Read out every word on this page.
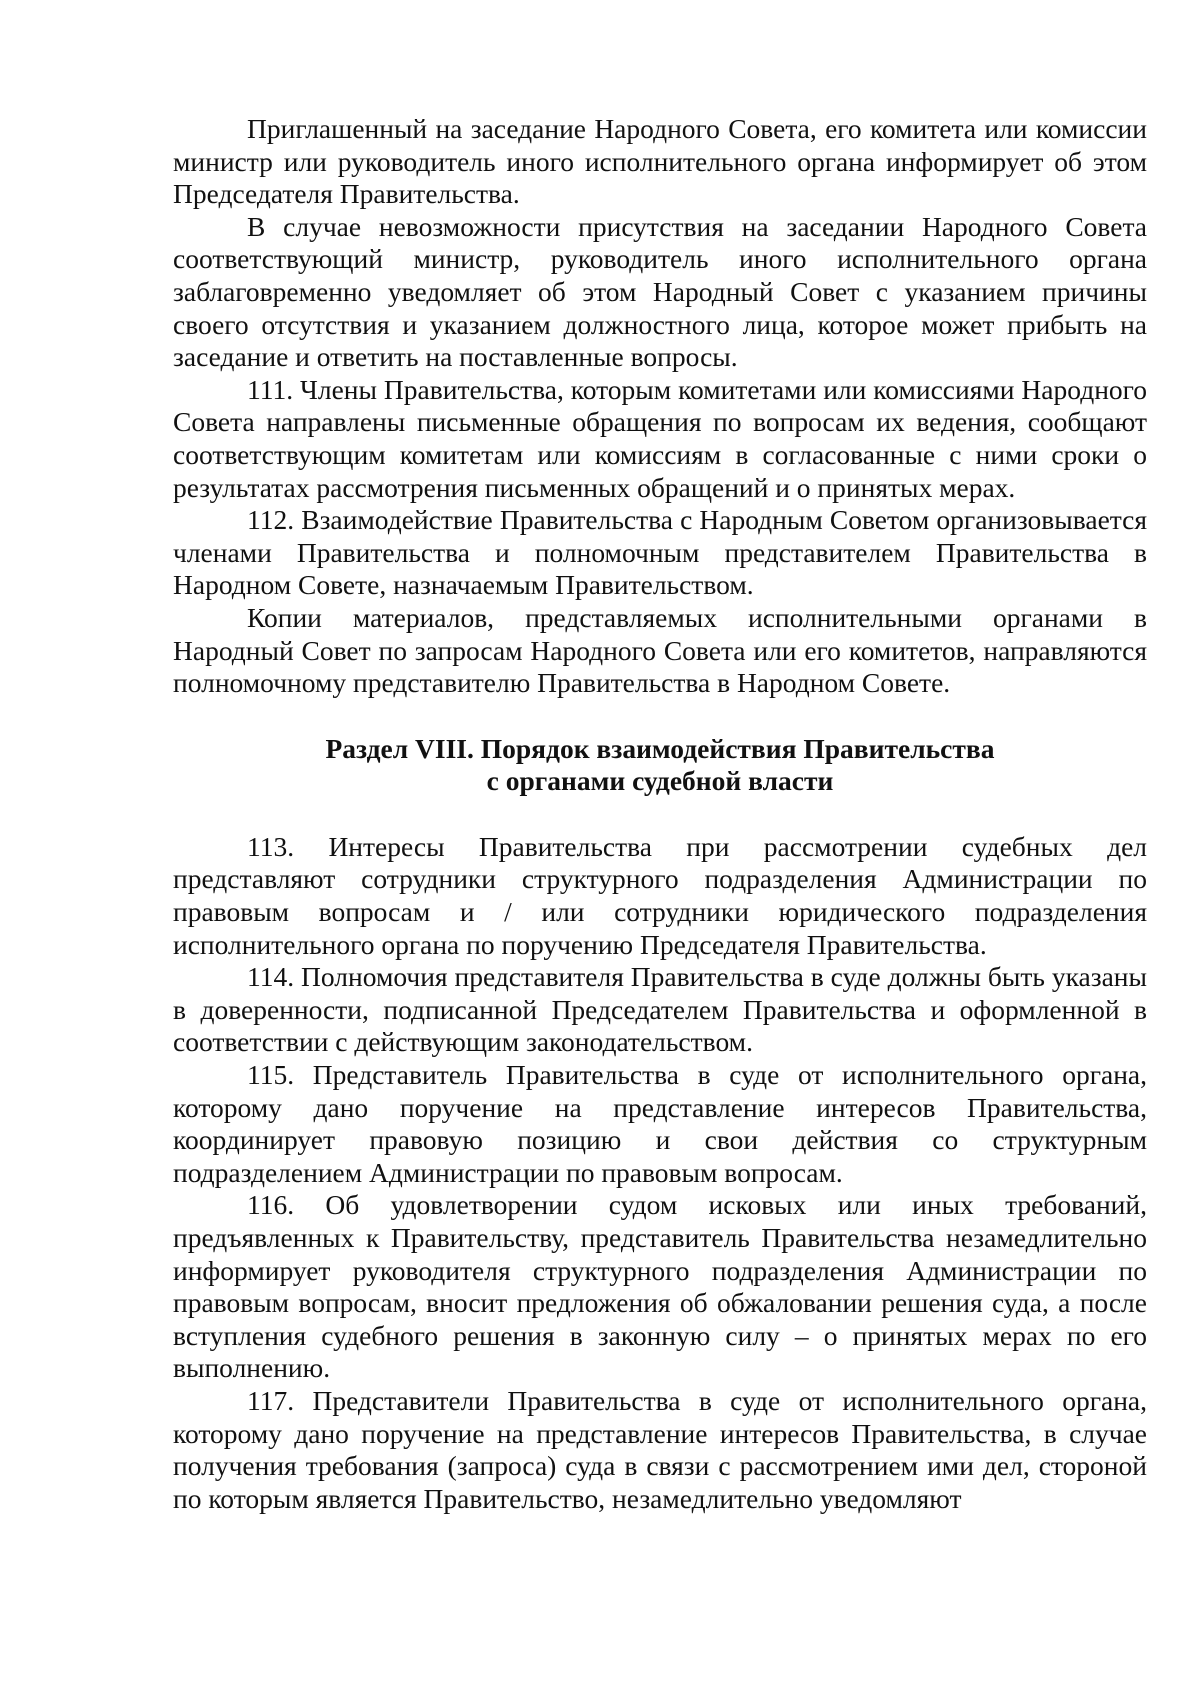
Приглашенный на заседание Народного Совета, его комитета или комиссии министр или руководитель иного исполнительного органа информирует об этом Председателя Правительства.

В случае невозможности присутствия на заседании Народного Совета соответствующий министр, руководитель иного исполнительного органа заблаговременно уведомляет об этом Народный Совет с указанием причины своего отсутствия и указанием должностного лица, которое может прибыть на заседание и ответить на поставленные вопросы.

111. Члены Правительства, которым комитетами или комиссиями Народного Совета направлены письменные обращения по вопросам их ведения, сообщают соответствующим комитетам или комиссиям в согласованные с ними сроки о результатах рассмотрения письменных обращений и о принятых мерах.

112. Взаимодействие Правительства с Народным Советом организовывается членами Правительства и полномочным представителем Правительства в Народном Совете, назначаемым Правительством.

Копии материалов, представляемых исполнительными органами в Народный Совет по запросам Народного Совета или его комитетов, направляются полномочному представителю Правительства в Народном Совете.

Раздел VIII. Порядок взаимодействия Правительства

с органами судебной власти

113. Интересы Правительства при рассмотрении судебных дел представляют сотрудники структурного подразделения Администрации по правовым вопросам и / или сотрудники юридического подразделения исполнительного органа по поручению Председателя Правительства.

114. Полномочия представителя Правительства в суде должны быть указаны в доверенности, подписанной Председателем Правительства и оформленной в соответствии с действующим законодательством.

115. Представитель Правительства в суде от исполнительного органа, которому дано поручение на представление интересов Правительства, координирует правовую позицию и свои действия со структурным подразделением Администрации по правовым вопросам.

116. Об удовлетворении судом исковых или иных требований, предъявленных к Правительству, представитель Правительства незамедлительно информирует руководителя структурного подразделения Администрации по правовым вопросам, вносит предложения об обжаловании решения суда, а после вступления судебного решения в законную силу – о принятых мерах по его выполнению.

117. Представители Правительства в суде от исполнительного органа, которому дано поручение на представление интересов Правительства, в случае получения требования (запроса) суда в связи с рассмотрением ими дел, стороной по которым является Правительство, незамедлительно уведомляют
